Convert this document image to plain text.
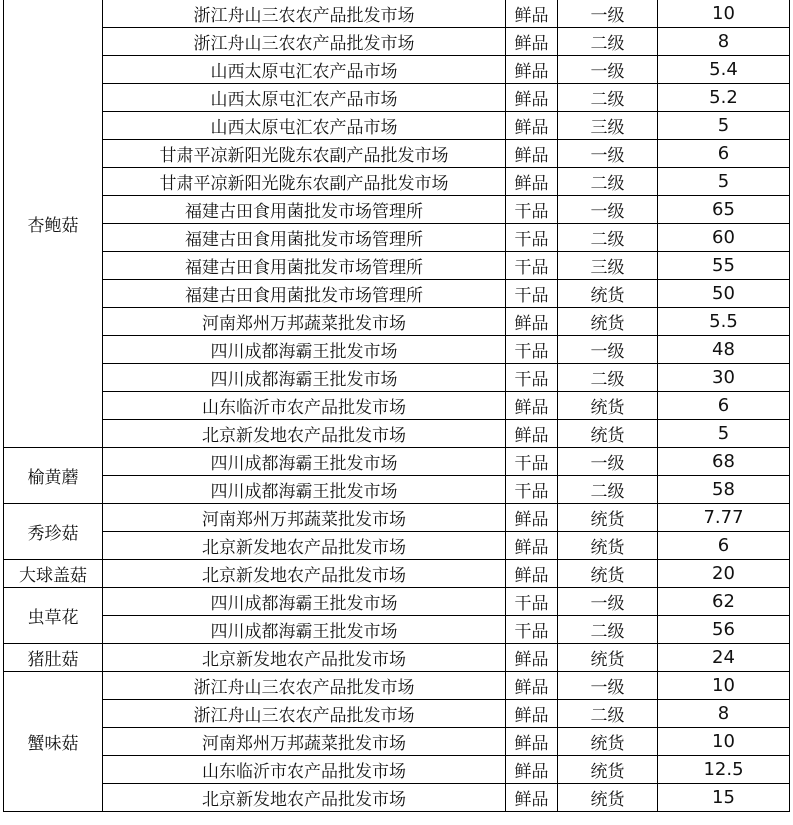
杏鲍菇	浙江舟山三农农产品批发市场	鲜品	一级	10
	浙江舟山三农农产品批发市场	鲜品	二级	8
	山西太原屯汇农产品市场	鲜品	一级	5.4
	山西太原屯汇农产品市场	鲜品	二级	5.2
	山西太原屯汇农产品市场	鲜品	三级	5
	甘肃平凉新阳光陇东农副产品批发市场	鲜品	一级	6
	甘肃平凉新阳光陇东农副产品批发市场	鲜品	二级	5
	福建古田食用菌批发市场管理所	干品	一级	65
	福建古田食用菌批发市场管理所	干品	二级	60
	福建古田食用菌批发市场管理所	干品	三级	55
	福建古田食用菌批发市场管理所	干品	统货	50
	河南郑州万邦蔬菜批发市场	鲜品	统货	5.5
	四川成都海霸王批发市场	干品	一级	48
	四川成都海霸王批发市场	干品	二级	30
	山东临沂市农产品批发市场	鲜品	统货	6
	北京新发地农产品批发市场	鲜品	统货	5
榆黄蘑	四川成都海霸王批发市场	干品	一级	68
	四川成都海霸王批发市场	干品	二级	58
秀珍菇	河南郑州万邦蔬菜批发市场	鲜品	统货	7.77
	北京新发地农产品批发市场	鲜品	统货	6
大球盖菇	北京新发地农产品批发市场	鲜品	统货	20
虫草花	四川成都海霸王批发市场	干品	一级	62
	四川成都海霸王批发市场	干品	二级	56
猪肚菇	北京新发地农产品批发市场	鲜品	统货	24
蟹味菇	浙江舟山三农农产品批发市场	鲜品	一级	10
	浙江舟山三农农产品批发市场	鲜品	二级	8
	河南郑州万邦蔬菜批发市场	鲜品	统货	10
	山东临沂市农产品批发市场	鲜品	统货	12.5
	北京新发地农产品批发市场	鲜品	统货	15
